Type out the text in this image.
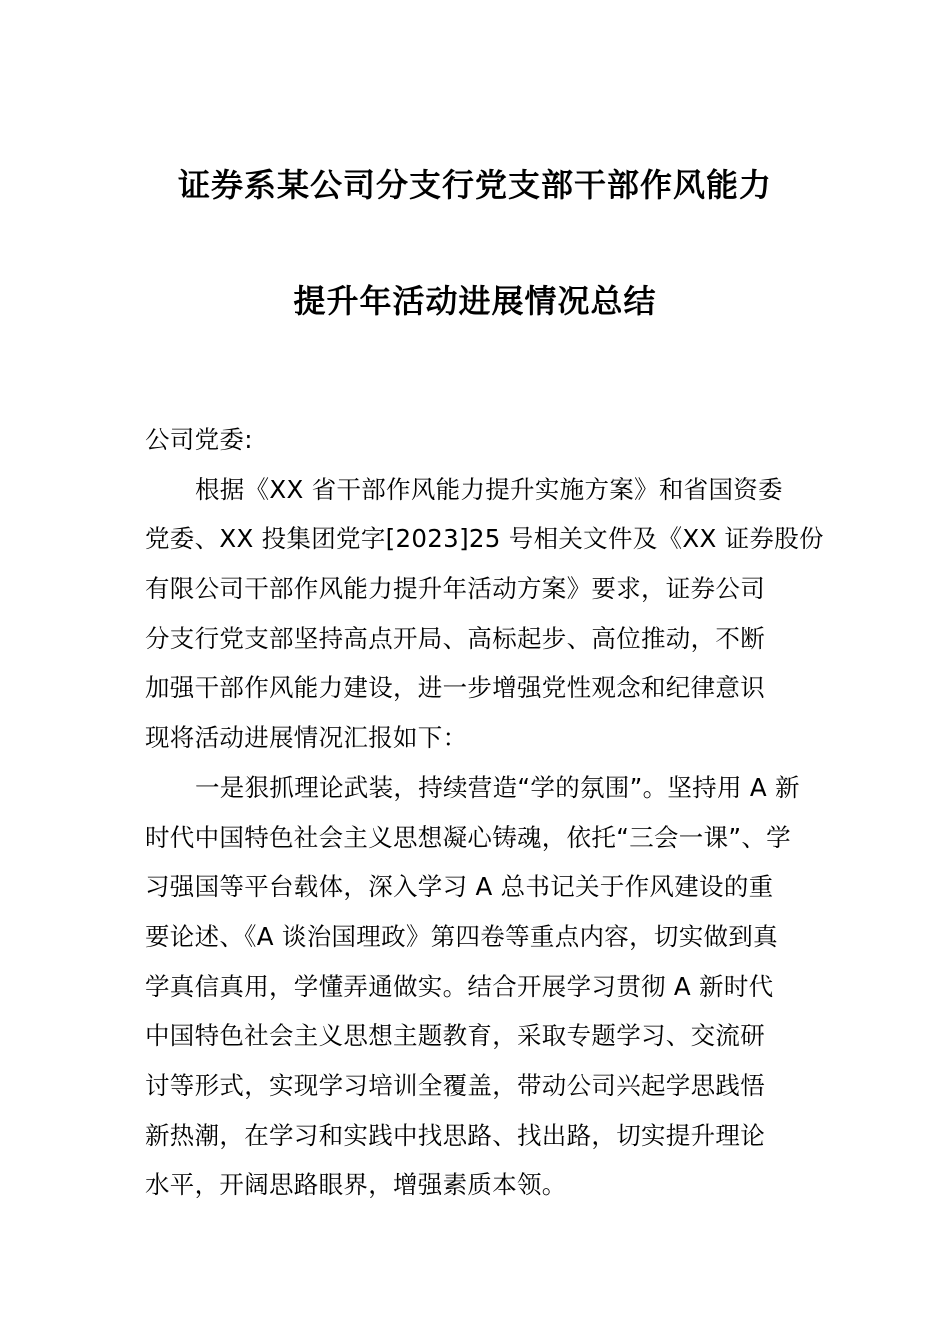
证券系某公司分支行党支部干部作风能力
提升年活动进展情况总结
公司党委:
根据《XX 省干部作风能力提升实施方案》和省国资委
党委、XX 投集团党字[2023]25 号相关文件及《XX 证券股份
有限公司干部作风能力提升年活动方案》要求，证券公司
分支行党支部坚持高点开局、高标起步、高位推动，不断
加强干部作风能力建设，进一步增强党性观念和纪律意识
现将活动进展情况汇报如下：
一是狠抓理论武装，持续营造“学的氛围”。坚持用 A 新
时代中国特色社会主义思想凝心铸魂，依托“三会一课”、学
习强国等平台载体，深入学习 A 总书记关于作风建设的重
要论述、《A 谈治国理政》第四卷等重点内容，切实做到真
学真信真用，学懂弄通做实。结合开展学习贯彻 A 新时代
中国特色社会主义思想主题教育，采取专题学习、交流研
讨等形式，实现学习培训全覆盖，带动公司兴起学思践悟
新热潮，在学习和实践中找思路、找出路，切实提升理论
水平，开阔思路眼界，增强素质本领。
